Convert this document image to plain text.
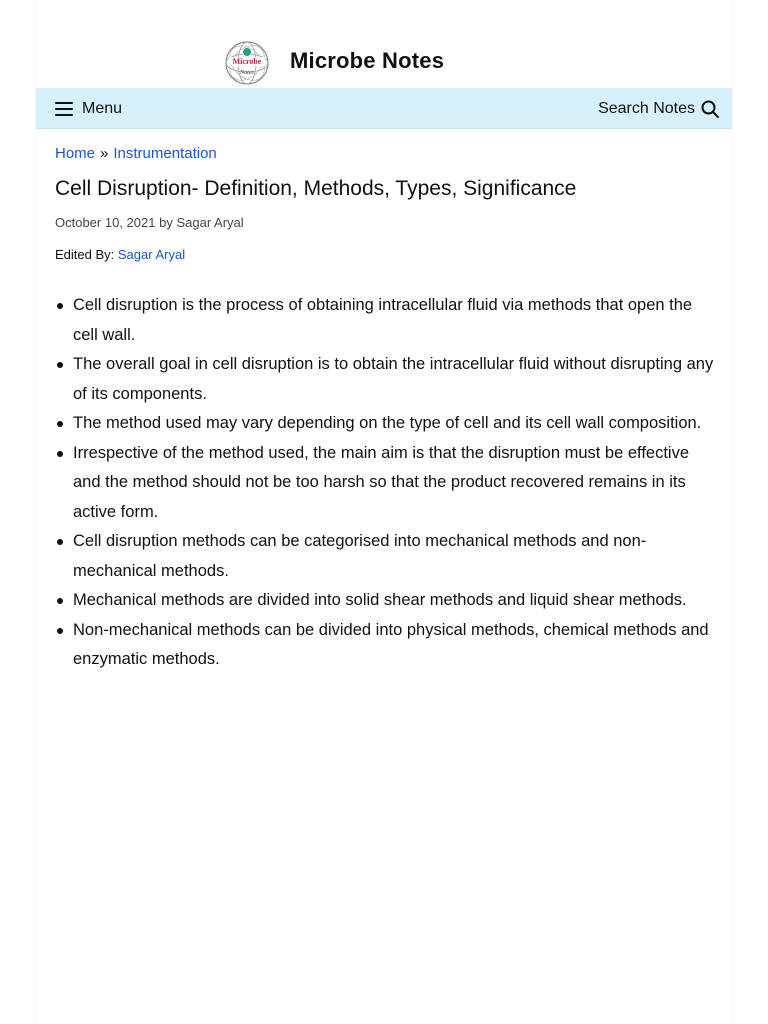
Microbe
Notes Microbe Notes
Menu	Search Notes
Home » Instrumentation
Cell Disruption- Definition, Methods, Types, Significance
October 10, 2021 by Sagar Aryal
Edited By: Sagar Aryal
Cell disruption is the process of obtaining intracellular fluid via methods that open the cell wall.
The overall goal in cell disruption is to obtain the intracellular fluid without disrupting any of its components.
The method used may vary depending on the type of cell and its cell wall composition.
Irrespective of the method used, the main aim is that the disruption must be effective and the method should not be too harsh so that the product recovered remains in its active form.
Cell disruption methods can be categorised into mechanical methods and non-mechanical methods.
Mechanical methods are divided into solid shear methods and liquid shear methods.
Non-mechanical methods can be divided into physical methods, chemical methods and enzymatic methods.
